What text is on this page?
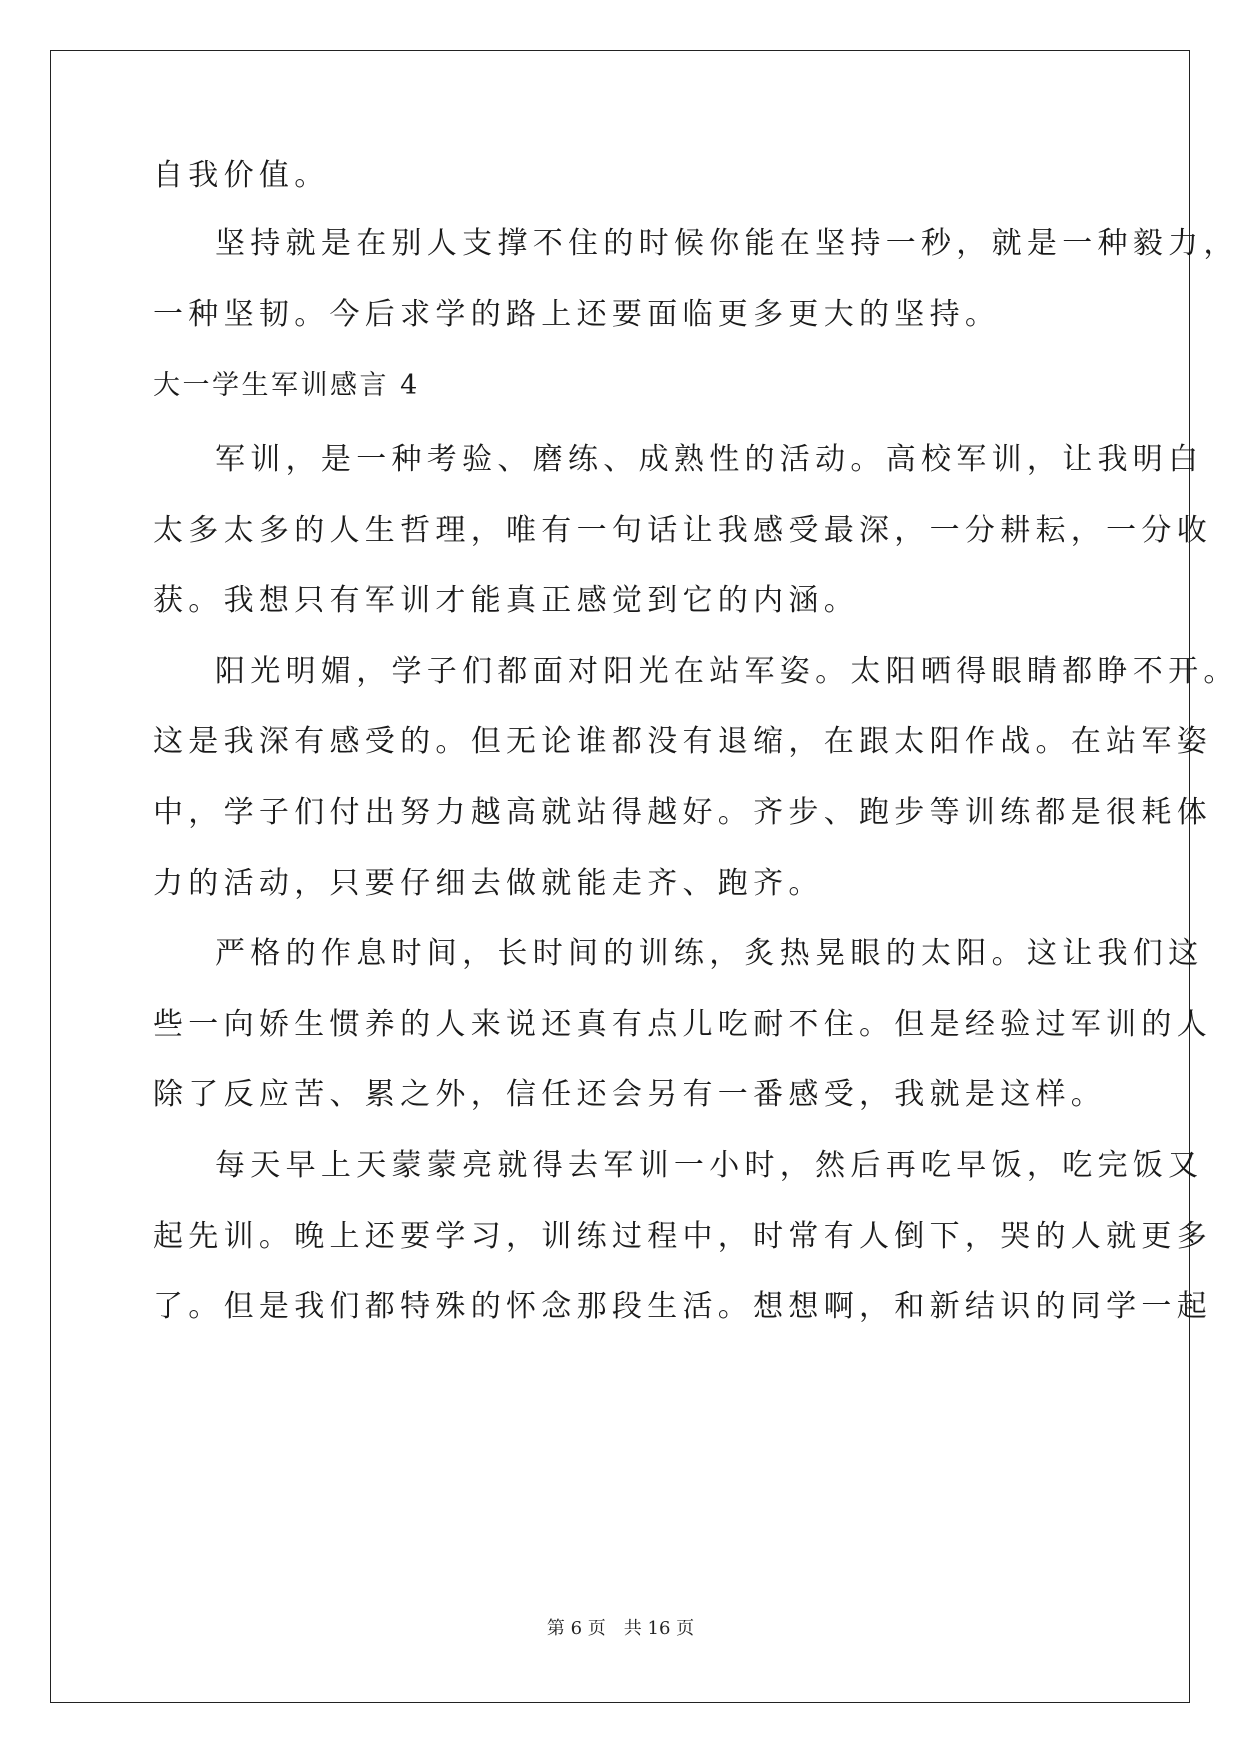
自我价值。
坚持就是在别人支撑不住的时候你能在坚持一秒，就是一种毅力，
一种坚韧。今后求学的路上还要面临更多更大的坚持。
大一学生军训感言 4
军训，是一种考验、磨练、成熟性的活动。高校军训，让我明白
太多太多的人生哲理，唯有一句话让我感受最深，一分耕耘，一分收
获。我想只有军训才能真正感觉到它的内涵。
阳光明媚，学子们都面对阳光在站军姿。太阳晒得眼睛都睁不开。
这是我深有感受的。但无论谁都没有退缩，在跟太阳作战。在站军姿
中，学子们付出努力越高就站得越好。齐步、跑步等训练都是很耗体
力的活动，只要仔细去做就能走齐、跑齐。
严格的作息时间，长时间的训练，炙热晃眼的太阳。这让我们这
些一向娇生惯养的人来说还真有点儿吃耐不住。但是经验过军训的人
除了反应苦、累之外，信任还会另有一番感受，我就是这样。
每天早上天蒙蒙亮就得去军训一小时，然后再吃早饭，吃完饭又
起先训。晚上还要学习，训练过程中，时常有人倒下，哭的人就更多
了。但是我们都特殊的怀念那段生活。想想啊，和新结识的同学一起
第 6 页 共 16 页
